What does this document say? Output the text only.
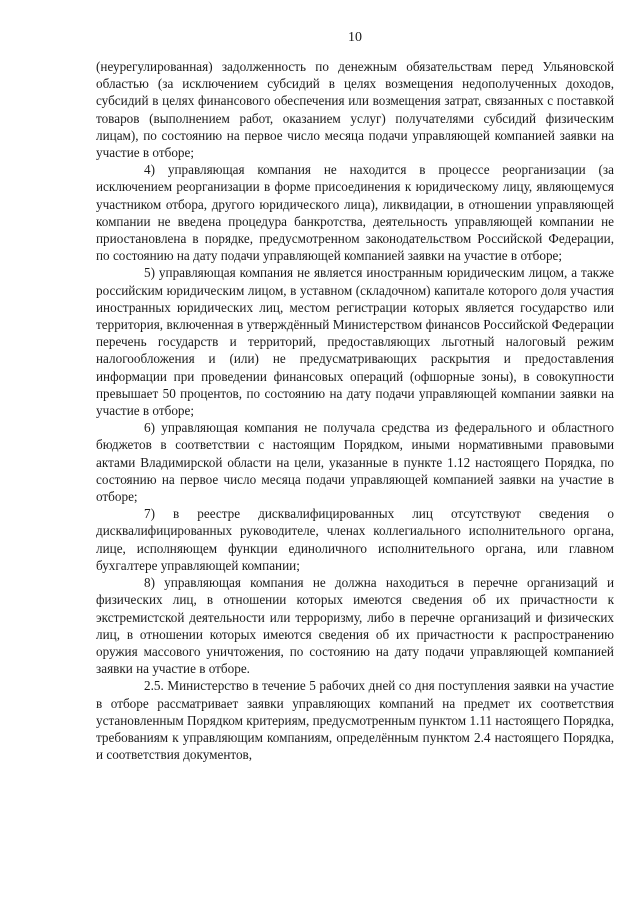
10

(неурегулированная) задолженность по денежным обязательствам перед Ульяновской областью (за исключением субсидий в целях возмещения недополученных доходов, субсидий в целях финансового обеспечения или возмещения затрат, связанных с поставкой товаров (выполнением работ, оказанием услуг) получателями субсидий физическим лицам), по состоянию на первое число месяца подачи управляющей компанией заявки на участие в отборе;

4) управляющая компания не находится в процессе реорганизации (за исключением реорганизации в форме присоединения к юридическому лицу, являющемуся участником отбора, другого юридического лица), ликвидации, в отношении управляющей компании не введена процедура банкротства, деятельность управляющей компании не приостановлена в порядке, предусмотренном законодательством Российской Федерации, по состоянию на дату подачи управляющей компанией заявки на участие в отборе;

5) управляющая компания не является иностранным юридическим лицом, а также российским юридическим лицом, в уставном (складочном) капитале которого доля участия иностранных юридических лиц, местом регистрации которых является государство или территория, включенная в утверждённый Министерством финансов Российской Федерации перечень государств и территорий, предоставляющих льготный налоговый режим налогообложения и (или) не предусматривающих раскрытия и предоставления информации при проведении финансовых операций (офшорные зоны), в совокупности превышает 50 процентов, по состоянию на дату подачи управляющей компании заявки на участие в отборе;

6) управляющая компания не получала средства из федерального и областного бюджетов в соответствии с настоящим Порядком, иными нормативными правовыми актами Владимирской области на цели, указанные в пункте 1.12 настоящего Порядка, по состоянию на первое число месяца подачи управляющей компанией заявки на участие в отборе;

7) в реестре дисквалифицированных лиц отсутствуют сведения о дисквалифицированных руководителе, членах коллегиального исполнительного органа, лице, исполняющем функции единоличного исполнительного органа, или главном бухгалтере управляющей компании;

8) управляющая компания не должна находиться в перечне организаций и физических лиц, в отношении которых имеются сведения об их причастности к экстремистской деятельности или терроризму, либо в перечне организаций и физических лиц, в отношении которых имеются сведения об их причастности к распространению оружия массового уничтожения, по состоянию на дату подачи управляющей компанией заявки на участие в отборе.

2.5. Министерство в течение 5 рабочих дней со дня поступления заявки на участие в отборе рассматривает заявки управляющих компаний на предмет их соответствия установленным Порядком критериям, предусмотренным пунктом 1.11 настоящего Порядка, требованиям к управляющим компаниям, определённым пунктом 2.4 настоящего Порядка, и соответствия документов,
